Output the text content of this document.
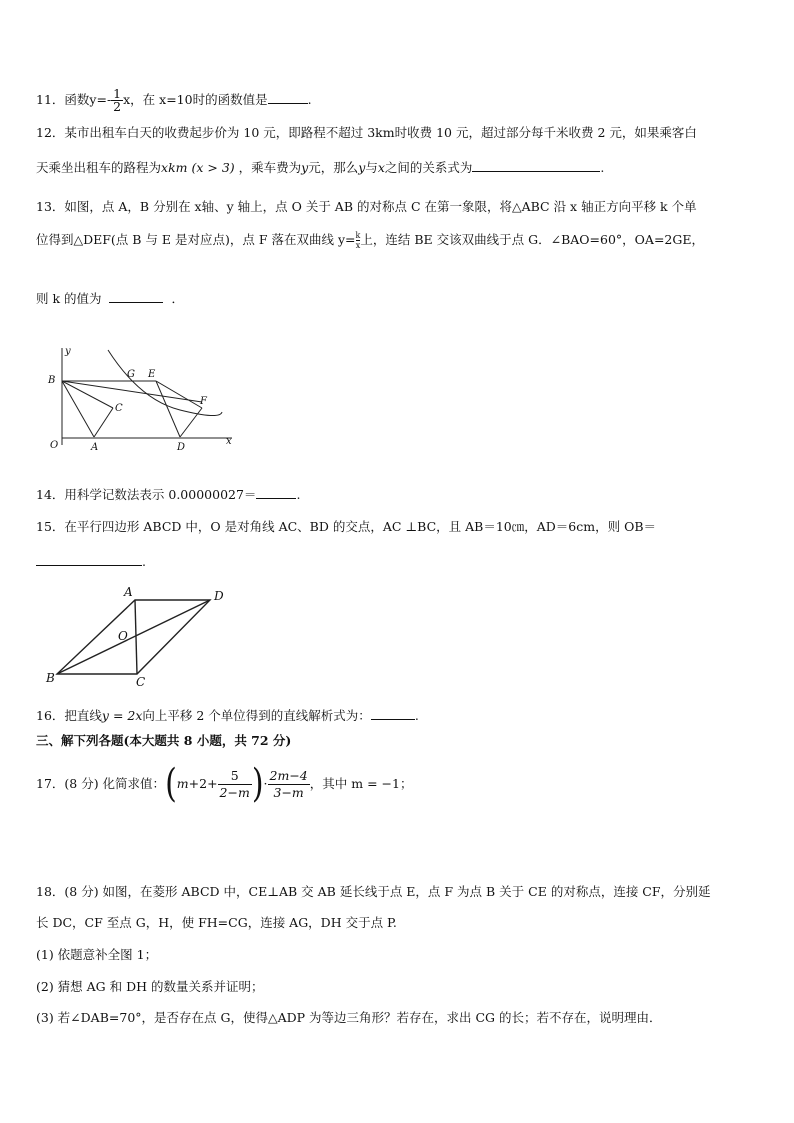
11．函数$y=- \frac{1}{2}$ x，在 x=10时的函数值是	.
12．某市出租车白天的收费起步价为 10 元，即路程不超过 3km时收费 10 元，超过部分每千米收费 2 元，如果乘客白
天乘坐出租车的路程为xkm (x > 3) ，乘车费为y元，那么y与x之间的关系式为	.
13．如图，点 A，B 分别在 x轴、y 轴上，点 O 关于 AB 的对称点 C 在第一象限，将△ABC 沿 x 轴正方向平移 k 个单
位得到△DEF(点 B 与 E 是对应点)，点 F 落在双曲线 $y= \frac{k}{x}$上，连结 BE 交该双曲线于点 G．∠BAO=60°，OA=2GE，
则 k 的值为	．
y
B
G E
F
C
O	A	D
x
14．用科学记数法表示 0.00000027＝	.
15．在平行四边形 ABCD 中，O 是对角线 AC、BD 的交点，AC ⊥BC，且 AB＝10㎝，AD＝6cm，则 OB＝
.
A	D
O
B	C
16．把直线y = 2x向上平移 2 个单位得到的直线解析式为：	.
三、解下列各题(本大题共 8 小题，共 72 分)
17．(8 分) 化简求值：($m+2+ \frac{5}{2-m}$ )· $\frac{2m-4}{3-m}$ ，其中 m = −1；
18．(8 分) 如图，在菱形 ABCD 中，CE⊥AB 交 AB 延长线于点 E，点 F 为点 B 关于 CE 的对称点，连接 CF，分别延
长 DC，CF 至点 G，H，使 FH=CG，连接 AG，DH 交于点 P.
(1) 依题意补全图 1；
(2) 猜想 AG 和 DH 的数量关系并证明；
(3) 若∠DAB=70°，是否存在点 G，使得△ADP 为等边三角形？若存在，求出 CG 的长；若不存在，说明理由．
